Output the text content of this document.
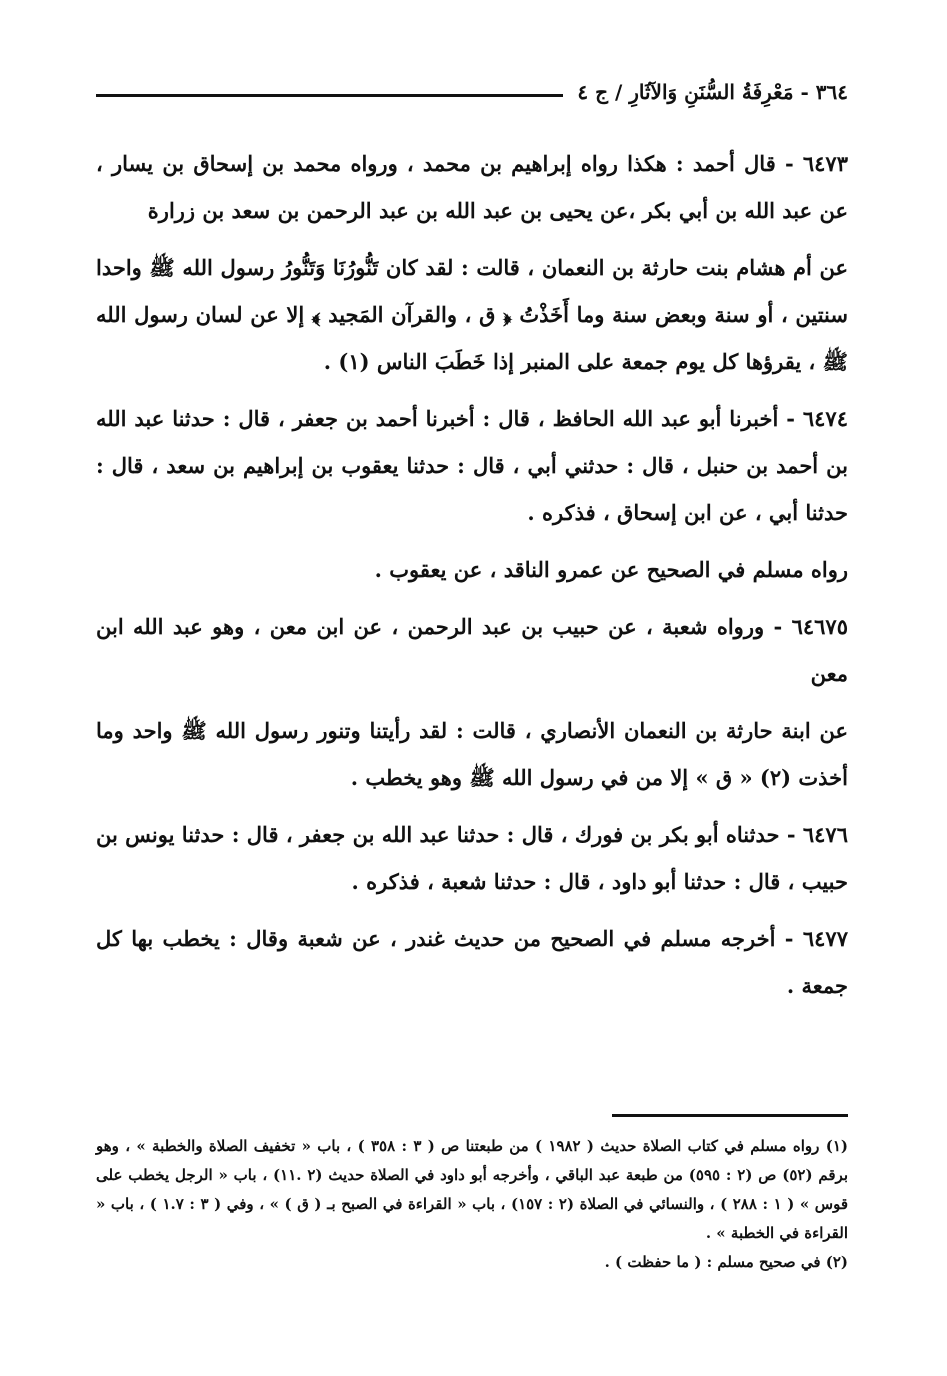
٣٦٤ - مَعْرِفَةُ السُّنَنِ وَالآثَارِ / ج ٤

٦٤٧٣ - قال أحمد : هكذا رواه إبراهيم بن محمد ، ورواه محمد بن إسحاق بن يسار ، عن عبد الله بن أبي بكر ،عن يحيى بن عبد الله بن عبد الرحمن بن سعد بن زرارة

عن أم هشام بنت حارثة بن النعمان ، قالت : لقد كان تَنُّورُنَا وَتَنُّورُ رسول الله ﷺ واحدا سنتين ، أو سنة وبعض سنة وما أَخَذْتُ ﴿ ق ، والقرآن المَجيد ﴾ إلا عن لسان رسول الله ﷺ ، يقرؤها كل يوم جمعة على المنبر إذا خَطَبَ الناس (١) .

٦٤٧٤ - أخبرنا أبو عبد الله الحافظ ، قال : أخبرنا أحمد بن جعفر ، قال : حدثنا عبد الله بن أحمد بن حنبل ، قال : حدثني أبي ، قال : حدثنا يعقوب بن إبراهيم بن سعد ، قال : حدثنا أبي ، عن ابن إسحاق ، فذكره .

رواه مسلم في الصحيح عن عمرو الناقد ، عن يعقوب .

٦٤٦٧٥ - ورواه شعبة ، عن حبيب بن عبد الرحمن ، عن ابن معن ، وهو عبد الله ابن معن

عن ابنة حارثة بن النعمان الأنصاري ، قالت : لقد رأيتنا وتنور رسول الله ﷺ واحد وما أخذت (٢) « ق » إلا من في رسول الله ﷺ وهو يخطب .

٦٤٧٦ - حدثناه أبو بكر بن فورك ، قال : حدثنا عبد الله بن جعفر ، قال : حدثنا يونس بن حبيب ، قال : حدثنا أبو داود ، قال : حدثنا شعبة ، فذكره .

٦٤٧٧ - أخرجه مسلم في الصحيح من حديث غندر ، عن شعبة وقال : يخطب بها كل جمعة .

(١) رواه مسلم في كتاب الصلاة حديث ( ١٩٨٢ ) من طبعتنا ص ( ٣ : ٣٥٨ ) ، باب « تخفيف الصلاة والخطبة » ، وهو برقم (٥٢) ص (٢ : ٥٩٥) من طبعة عبد الباقي ، وأخرجه أبو داود في الصلاة حديث (٢ .١١) ، باب « الرجل يخطب على قوس » ( ١ : ٢٨٨ ) ، والنسائي في الصلاة (٢ : ١٥٧) ، باب « القراءة في الصبح بـ ( ق ) » ، وفي ( ٣ : ١.٧ ) ، باب « القراءة في الخطبة » .

(٢) في صحيح مسلم : ( ما حفظت ) .
